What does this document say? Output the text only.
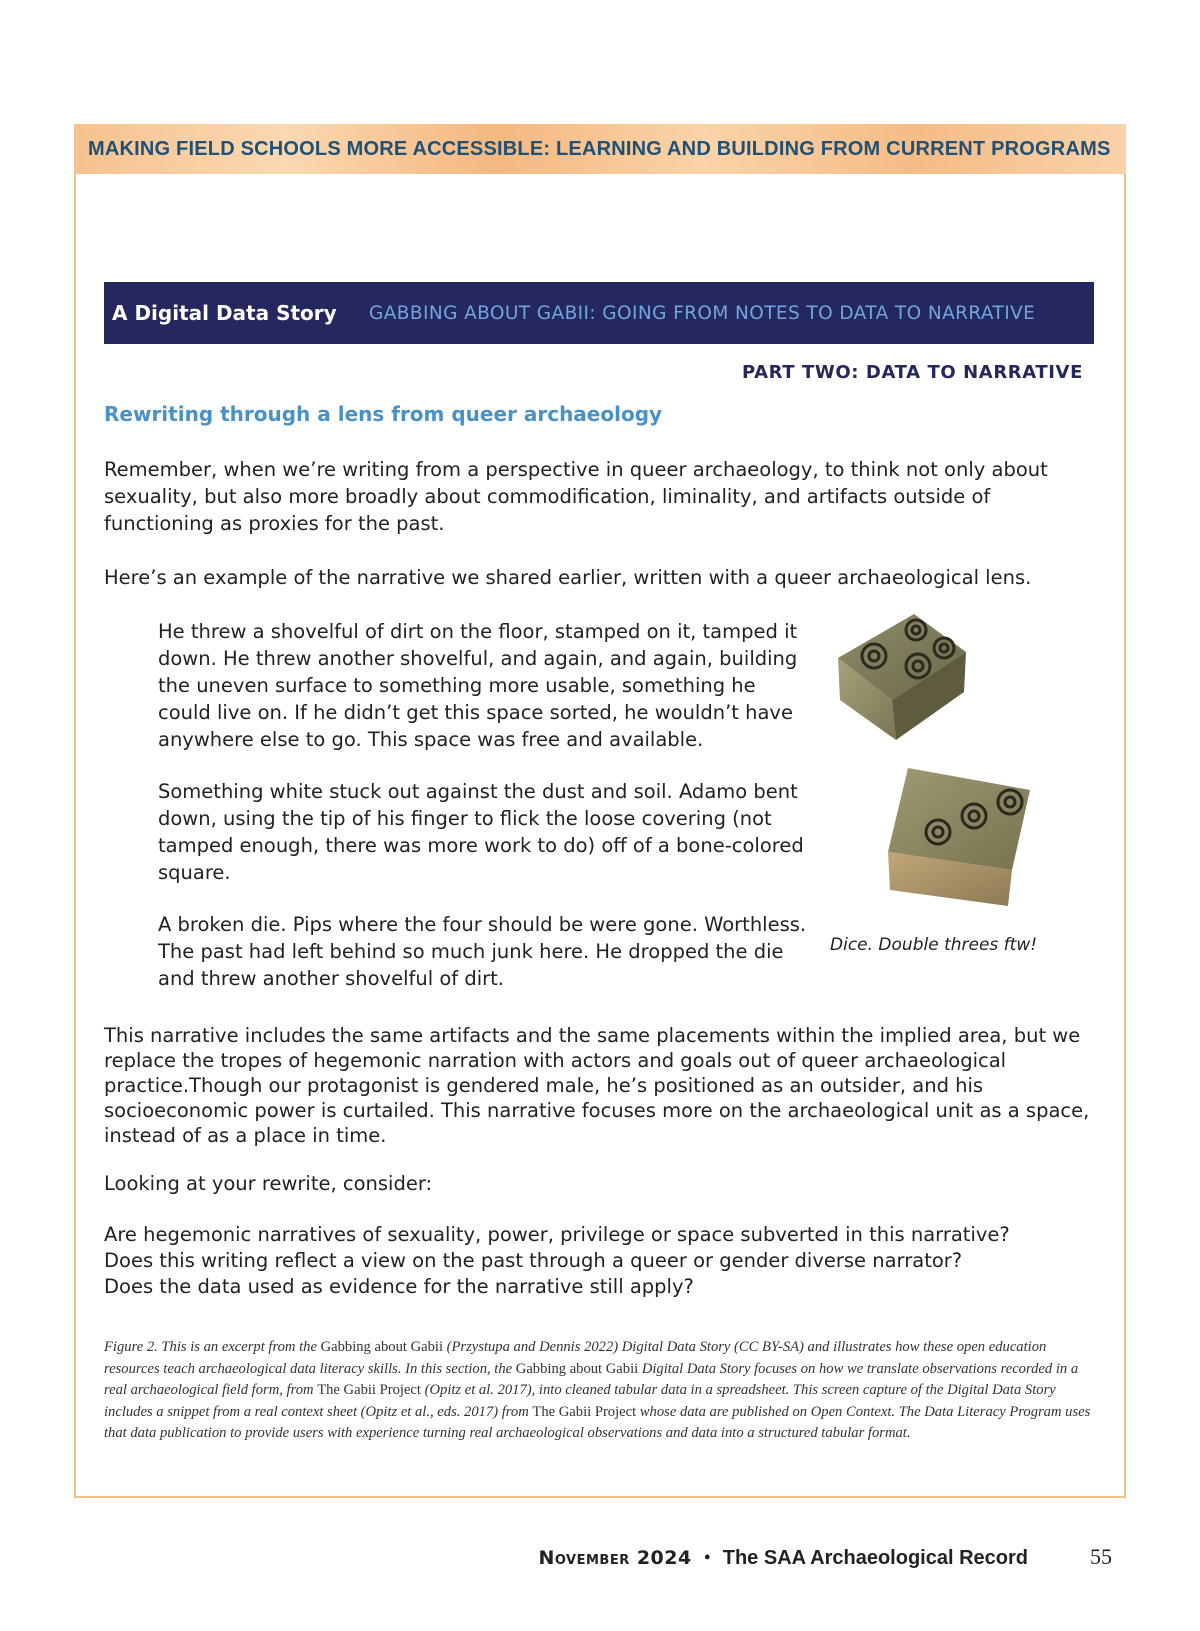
MAKING FIELD SCHOOLS MORE ACCESSIBLE: LEARNING AND BUILDING FROM CURRENT PROGRAMS
A Digital Data Story	GABBING ABOUT GABII: GOING FROM NOTES TO DATA TO NARRATIVE
PART TWO: DATA TO NARRATIVE
Rewriting through a lens from queer archaeology

Remember, when we’re writing from a perspective in queer archaeology, to think not only about sexuality, but also more broadly about commodification, liminality, and artifacts outside of functioning as proxies for the past.

Here’s an example of the narrative we shared earlier, written with a queer archaeological lens.

He threw a shovelful of dirt on the floor, stamped on it, tamped it down. He threw another shovelful, and again, and again, building the uneven surface to something more usable, something he could live on. If he didn’t get this space sorted, he wouldn’t have anywhere else to go. This space was free and available.

Something white stuck out against the dust and soil. Adamo bent down, using the tip of his finger to flick the loose covering (not tamped enough, there was more work to do) off of a bone-colored square.

A broken die. Pips where the four should be were gone. Worthless. The past had left behind so much junk here. He dropped the die and threw another shovelful of dirt.

Dice. Double threes ftw!

This narrative includes the same artifacts and the same placements within the implied area, but we replace the tropes of hegemonic narration with actors and goals out of queer archaeological practice.Though our protagonist is gendered male, he’s positioned as an outsider, and his socioeconomic power is curtailed. This narrative focuses more on the archaeological unit as a space, instead of as a place in time.

Looking at your rewrite, consider:

Are hegemonic narratives of sexuality, power, privilege or space subverted in this narrative?
Does this writing reflect a view on the past through a queer or gender diverse narrator?
Does the data used as evidence for the narrative still apply?

Figure 2. This is an excerpt from the Gabbing about Gabii (Przystupa and Dennis 2022) Digital Data Story (CC BY-SA) and illustrates how these open education resources teach archaeological data literacy skills. In this section, the Gabbing about Gabii Digital Data Story focuses on how we translate observations recorded in a real archaeological field form, from The Gabii Project (Opitz et al. 2017), into cleaned tabular data in a spreadsheet. This screen capture of the Digital Data Story includes a snippet from a real context sheet (Opitz et al., eds. 2017) from The Gabii Project whose data are published on Open Context. The Data Literacy Program uses that data publication to provide users with experience turning real archaeological observations and data into a structured tabular format.

November 2024 • The SAA Archaeological Record	55
